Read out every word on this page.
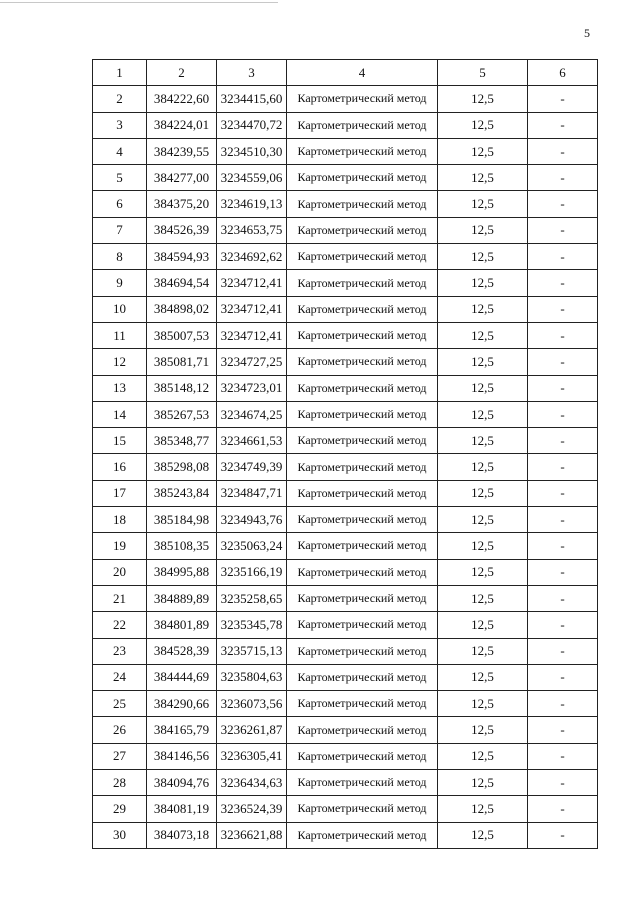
5
1	2	3	4	5	6
2	384222,60	3234415,60	Картометрический метод	12,5	-
3	384224,01	3234470,72	Картометрический метод	12,5	-
4	384239,55	3234510,30	Картометрический метод	12,5	-
5	384277,00	3234559,06	Картометрический метод	12,5	-
6	384375,20	3234619,13	Картометрический метод	12,5	-
7	384526,39	3234653,75	Картометрический метод	12,5	-
8	384594,93	3234692,62	Картометрический метод	12,5	-
9	384694,54	3234712,41	Картометрический метод	12,5	-
10	384898,02	3234712,41	Картометрический метод	12,5	-
11	385007,53	3234712,41	Картометрический метод	12,5	-
12	385081,71	3234727,25	Картометрический метод	12,5	-
13	385148,12	3234723,01	Картометрический метод	12,5	-
14	385267,53	3234674,25	Картометрический метод	12,5	-
15	385348,77	3234661,53	Картометрический метод	12,5	-
16	385298,08	3234749,39	Картометрический метод	12,5	-
17	385243,84	3234847,71	Картометрический метод	12,5	-
18	385184,98	3234943,76	Картометрический метод	12,5	-
19	385108,35	3235063,24	Картометрический метод	12,5	-
20	384995,88	3235166,19	Картометрический метод	12,5	-
21	384889,89	3235258,65	Картометрический метод	12,5	-
22	384801,89	3235345,78	Картометрический метод	12,5	-
23	384528,39	3235715,13	Картометрический метод	12,5	-
24	384444,69	3235804,63	Картометрический метод	12,5	-
25	384290,66	3236073,56	Картометрический метод	12,5	-
26	384165,79	3236261,87	Картометрический метод	12,5	-
27	384146,56	3236305,41	Картометрический метод	12,5	-
28	384094,76	3236434,63	Картометрический метод	12,5	-
29	384081,19	3236524,39	Картометрический метод	12,5	-
30	384073,18	3236621,88	Картометрический метод	12,5	-
